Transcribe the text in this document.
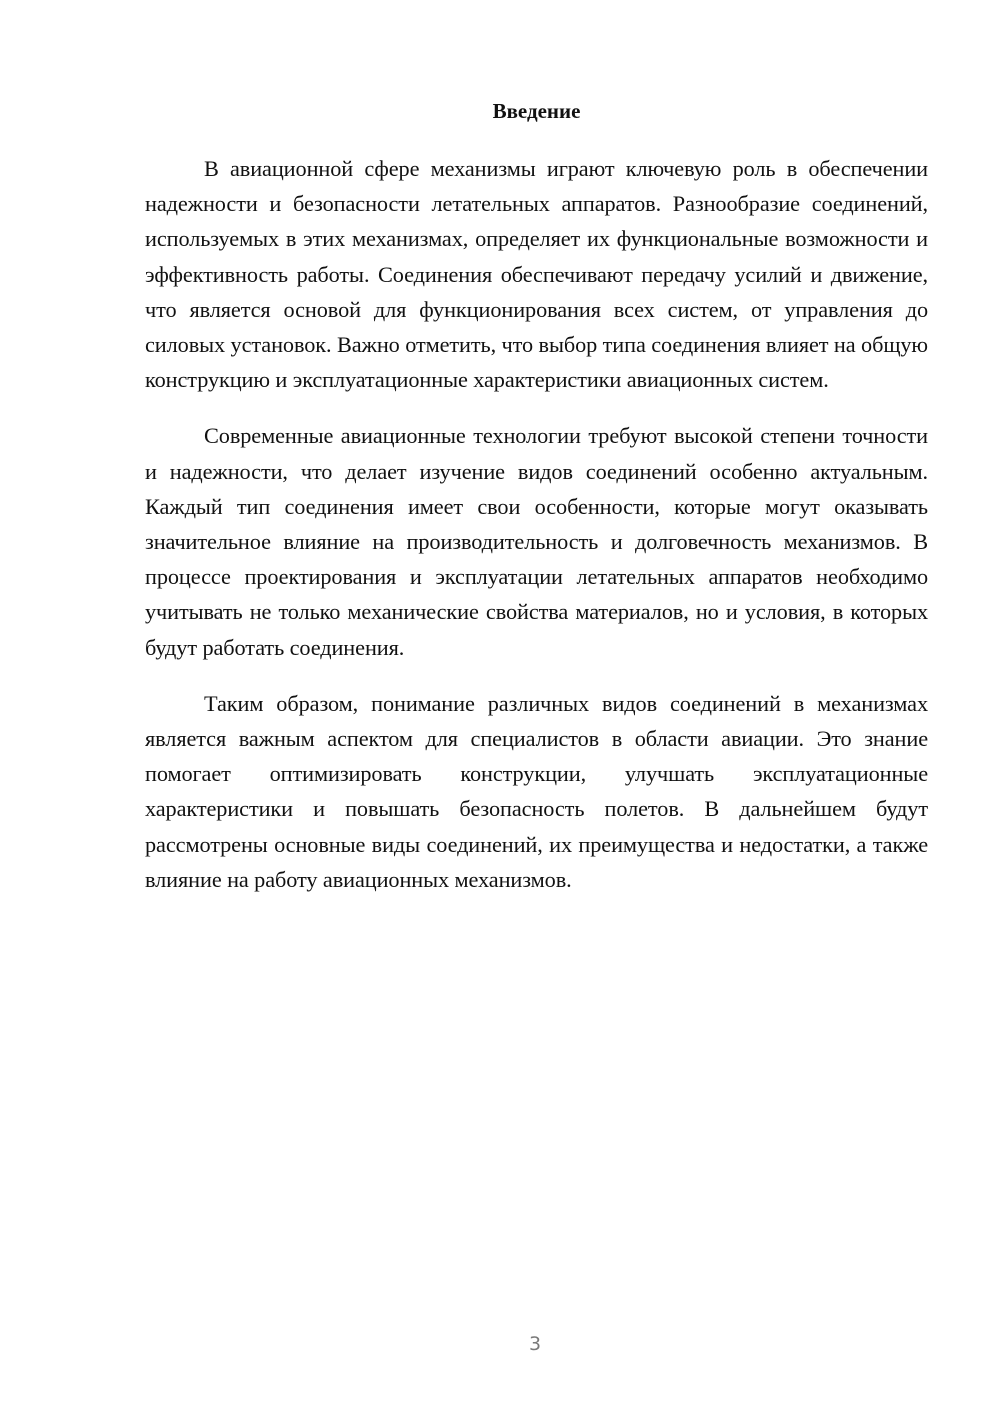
Введение

В авиационной сфере механизмы играют ключевую роль в обеспечении надежности и безопасности летательных аппаратов. Разнообразие соединений, используемых в этих механизмах, определяет их функциональные возможности и эффективность работы. Соединения обеспечивают передачу усилий и движение, что является основой для функционирования всех систем, от управления до силовых установок. Важно отметить, что выбор типа соединения влияет на общую конструкцию и эксплуатационные характеристики авиационных систем.

Современные авиационные технологии требуют высокой степени точности и надежности, что делает изучение видов соединений особенно актуальным. Каждый тип соединения имеет свои особенности, которые могут оказывать значительное влияние на производительность и долговечность механизмов. В процессе проектирования и эксплуатации летательных аппаратов необходимо учитывать не только механические свойства материалов, но и условия, в которых будут работать соединения.

Таким образом, понимание различных видов соединений в механизмах является важным аспектом для специалистов в области авиации. Это знание помогает оптимизировать конструкции, улучшать эксплуатационные характеристики и повышать безопасность полетов. В дальнейшем будут рассмотрены основные виды соединений, их преимущества и недостатки, а также влияние на работу авиационных механизмов.

3
